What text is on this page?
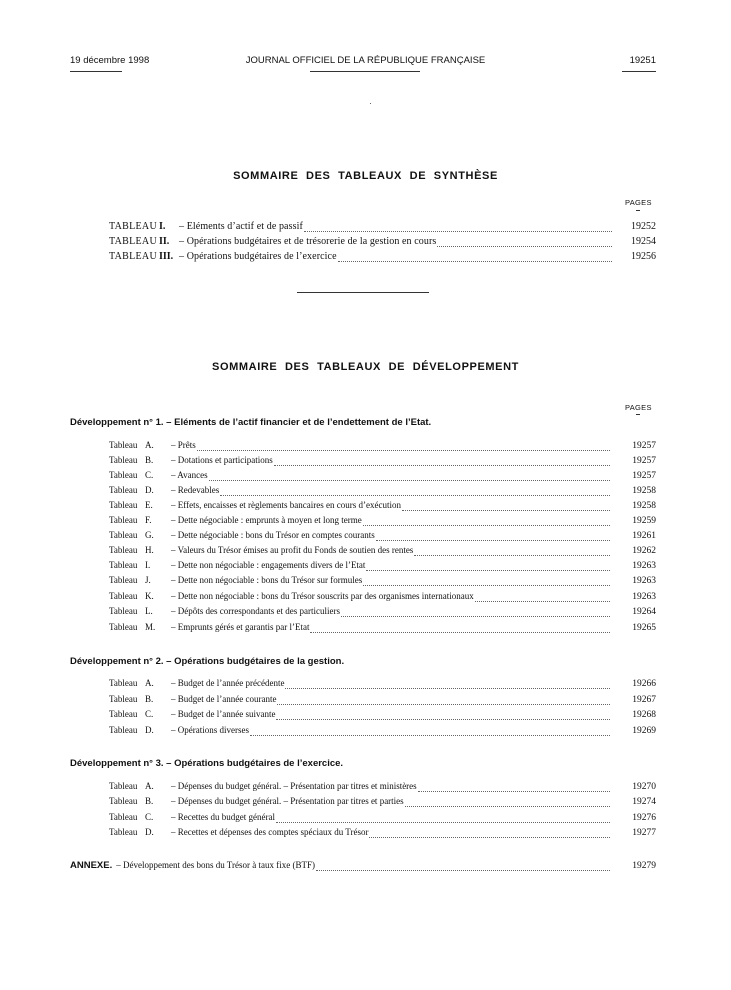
19 décembre 1998	JOURNAL OFFICIEL DE LA RÉPUBLIQUE FRANÇAISE	19251
SOMMAIRE DES TABLEAUX DE SYNTHÈSE
PAGES
TABLEAU I. – Eléments d’actif et de passif	19252
TABLEAU II. – Opérations budgétaires et de trésorerie de la gestion en cours	19254
TABLEAU III. – Opérations budgétaires de l’exercice	19256
SOMMAIRE DES TABLEAUX DE DÉVELOPPEMENT
PAGES
Développement n° 1. – Eléments de l’actif financier et de l’endettement de l’Etat.
Tableau A. – Prêts	19257
Tableau B. – Dotations et participations	19257
Tableau C. – Avances	19257
Tableau D. – Redevables	19258
Tableau E. – Effets, encaisses et règlements bancaires en cours d’exécution	19258
Tableau F. – Dette négociable : emprunts à moyen et long terme	19259
Tableau G. – Dette négociable : bons du Trésor en comptes courants	19261
Tableau H. – Valeurs du Trésor émises au profit du Fonds de soutien des rentes	19262
Tableau I. – Dette non négociable : engagements divers de l’Etat	19263
Tableau J. – Dette non négociable : bons du Trésor sur formules	19263
Tableau K. – Dette non négociable : bons du Trésor souscrits par des organismes internationaux	19263
Tableau L. – Dépôts des correspondants et des particuliers	19264
Tableau M. – Emprunts gérés et garantis par l’Etat	19265
Développement n° 2. – Opérations budgétaires de la gestion.
Tableau A. – Budget de l’année précédente	19266
Tableau B. – Budget de l’année courante	19267
Tableau C. – Budget de l’année suivante	19268
Tableau D. – Opérations diverses	19269
Développement n° 3. – Opérations budgétaires de l’exercice.
Tableau A. – Dépenses du budget général. – Présentation par titres et ministères	19270
Tableau B. – Dépenses du budget général. – Présentation par titres et parties	19274
Tableau C. – Recettes du budget général	19276
Tableau D. – Recettes et dépenses des comptes spéciaux du Trésor	19277
ANNEXE. – Développement des bons du Trésor à taux fixe (BTF)	19279
